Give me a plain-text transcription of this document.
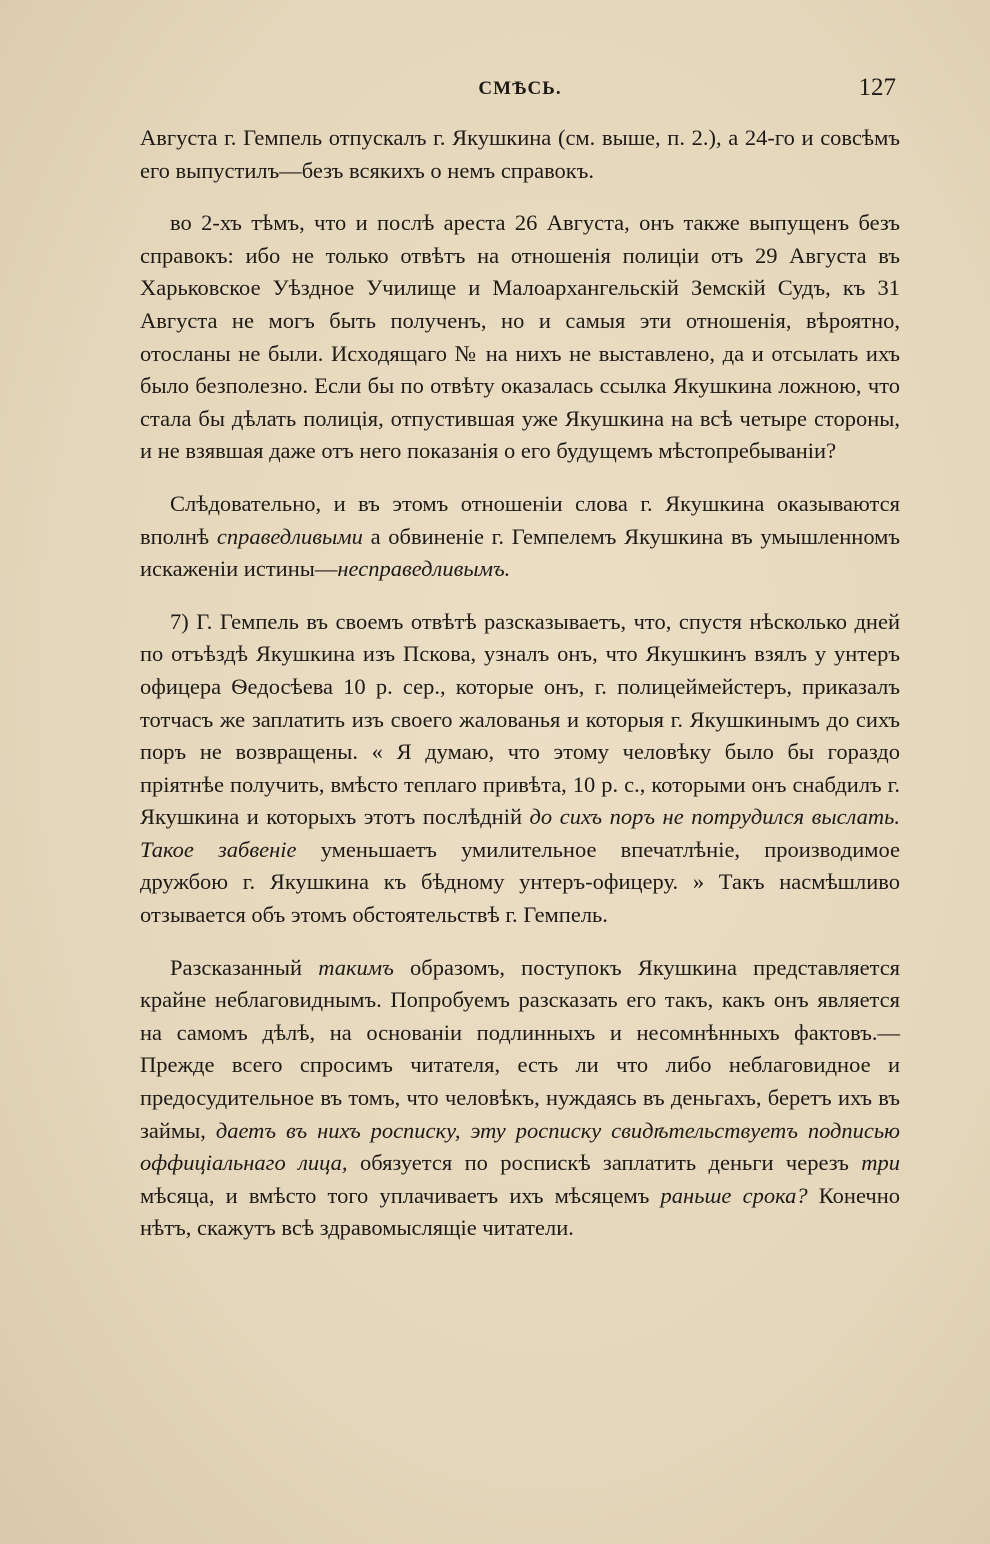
СМѢСЬ.	127

Августа г. Гемпель отпускалъ г. Якушкина (см. выше, п. 2.), а 24-го и совсѣмъ его выпустилъ—безъ всякихъ о немъ справокъ.

во 2-хъ тѣмъ, что и послѣ ареста 26 Августа, онъ также выпущенъ безъ справокъ: ибо не только отвѣтъ на отношенія полиціи отъ 29 Августа въ Харьковское Уѣздное Училище и Малоархангельскій Земскій Судъ, къ 31 Августа не могъ быть полученъ, но и самыя эти отношенія, вѣроятно, отосланы не были. Исходящаго № на нихъ не выставлено, да и отсылать ихъ было безполезно. Если бы по отвѣту оказалась ссылка Якушкина ложною, что стала бы дѣлать полиція, отпустившая уже Якушкина на всѣ четыре стороны, и не взявшая даже отъ него показанія о его будущемъ мѣстопребываніи?

Слѣдовательно, и въ этомъ отношеніи слова г. Якушкина оказываются вполнѣ справедливыми а обвиненіе г. Гемпелемъ Якушкина въ умышленномъ искаженіи истины—несправедливымъ.

7) Г. Гемпель въ своемъ отвѣтѣ разсказываетъ, что, спустя нѣсколько дней по отъѣздѣ Якушкина изъ Пскова, узналъ онъ, что Якушкинъ взялъ у унтеръ офицера Ѳедосѣева 10 р. сер., которые онъ, г. полицеймейстеръ, приказалъ тотчасъ же заплатить изъ своего жалованья и которыя г. Якушкинымъ до сихъ поръ не возвращены. « Я думаю, что этому человѣку было бы гораздо пріятнѣе получить, вмѣсто теплаго привѣта, 10 р. с., которыми онъ снабдилъ г. Якушкина и которыхъ этотъ послѣдній до сихъ поръ не потрудился выслать. Такое забвеніе уменьшаетъ умилительное впечатлѣніе, производимое дружбою г. Якушкина къ бѣдному унтеръ-офицеру. » Такъ насмѣшливо отзывается объ этомъ обстоятельствѣ г. Гемпель.

Разсказанный такимъ образомъ, поступокъ Якушкина представляется крайне неблаговиднымъ. Попробуемъ разсказать его такъ, какъ онъ является на самомъ дѣлѣ, на основаніи подлинныхъ и несомнѣнныхъ фактовъ.—Прежде всего спросимъ читателя, есть ли что либо неблаговидное и предосудительное въ томъ, что человѣкъ, нуждаясь въ деньгахъ, беретъ ихъ въ займы, даетъ въ нихъ росписку, эту росписку свидѣтельствуетъ подписью оффиціальнаго лица, обязуется по роспискѣ заплатить деньги черезъ три мѣсяца, и вмѣсто того уплачиваетъ ихъ мѣсяцемъ раньше срока? Конечно нѣтъ, скажутъ всѣ здравомыслящіе читатели.
